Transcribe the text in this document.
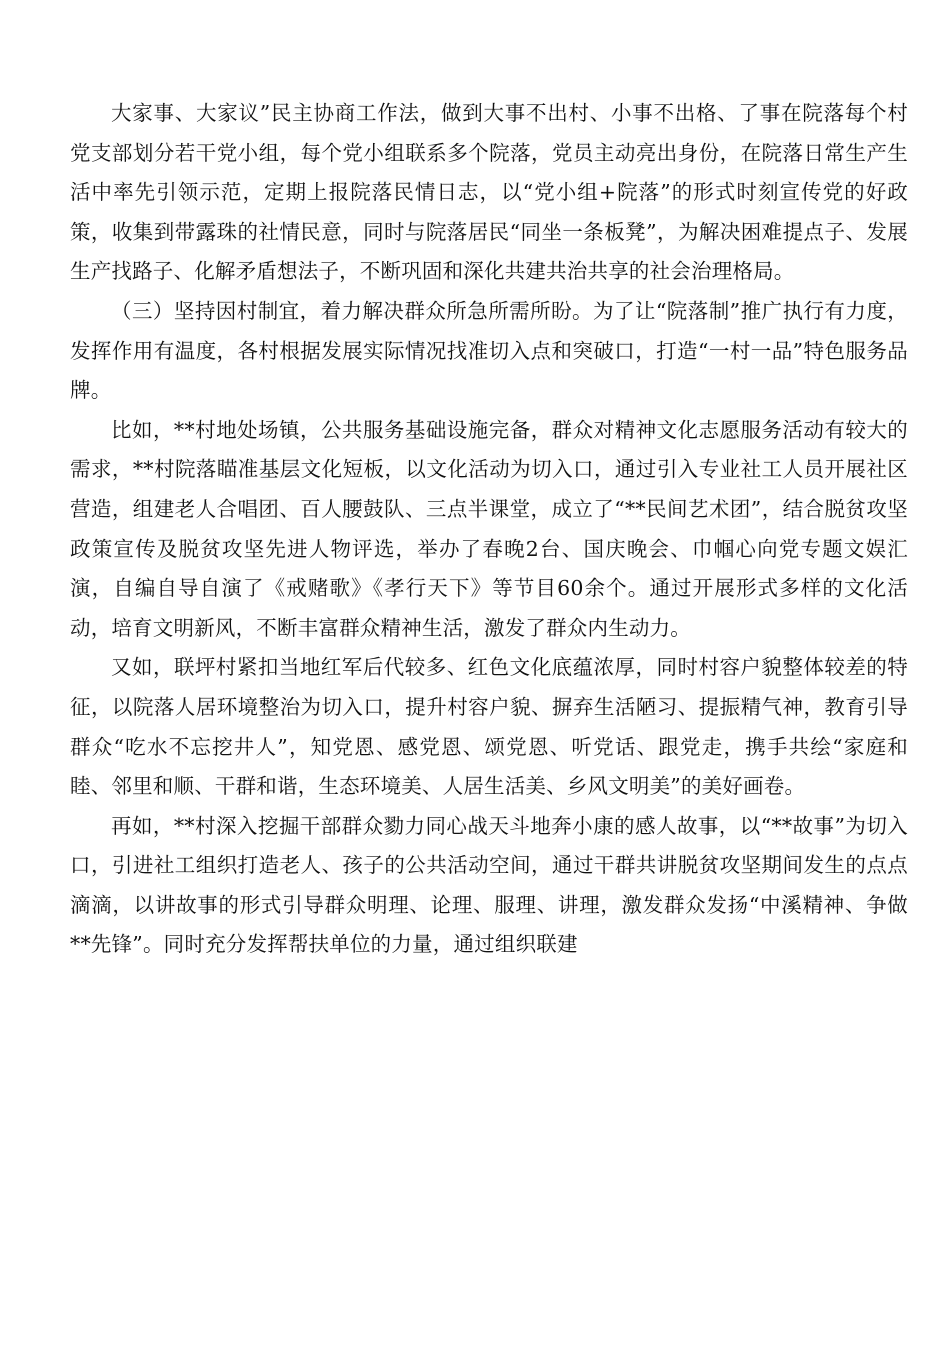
大家事、大家议”民主协商工作法，做到大事不出村、小事不出格、了事在院落每个村党支部划分若干党小组，每个党小组联系多个院落，党员主动亮出身份，在院落日常生产生活中率先引领示范，定期上报院落民情日志，以“党小组+院落”的形式时刻宣传党的好政策，收集到带露珠的社情民意，同时与院落居民“同坐一条板凳”，为解决困难提点子、发展生产找路子、化解矛盾想法子，不断巩固和深化共建共治共享的社会治理格局。

（三）坚持因村制宜，着力解决群众所急所需所盼。为了让“院落制”推广执行有力度，发挥作用有温度，各村根据发展实际情况找准切入点和突破口，打造“一村一品”特色服务品牌。

比如，**村地处场镇，公共服务基础设施完备，群众对精神文化志愿服务活动有较大的需求，**村院落瞄准基层文化短板，以文化活动为切入口，通过引入专业社工人员开展社区营造，组建老人合唱团、百人腰鼓队、三点半课堂，成立了“**民间艺术团”，结合脱贫攻坚政策宣传及脱贫攻坚先进人物评选，举办了春晚2台、国庆晚会、巾帼心向党专题文娱汇演，自编自导自演了《戒赌歌》《孝行天下》等节目60余个。通过开展形式多样的文化活动，培育文明新风，不断丰富群众精神生活，激发了群众内生动力。

又如，联坪村紧扣当地红军后代较多、红色文化底蕴浓厚，同时村容户貌整体较差的特征，以院落人居环境整治为切入口，提升村容户貌、摒弃生活陋习、提振精气神，教育引导群众“吃水不忘挖井人”，知党恩、感党恩、颂党恩、听党话、跟党走，携手共绘“家庭和睦、邻里和顺、干群和谐，生态环境美、人居生活美、乡风文明美”的美好画卷。

再如，**村深入挖掘干部群众勠力同心战天斗地奔小康的感人故事，以“**故事”为切入口，引进社工组织打造老人、孩子的公共活动空间，通过干群共讲脱贫攻坚期间发生的点点滴滴，以讲故事的形式引导群众明理、论理、服理、讲理，激发群众发扬“中溪精神、争做**先锋”。同时充分发挥帮扶单位的力量，通过组织联建
